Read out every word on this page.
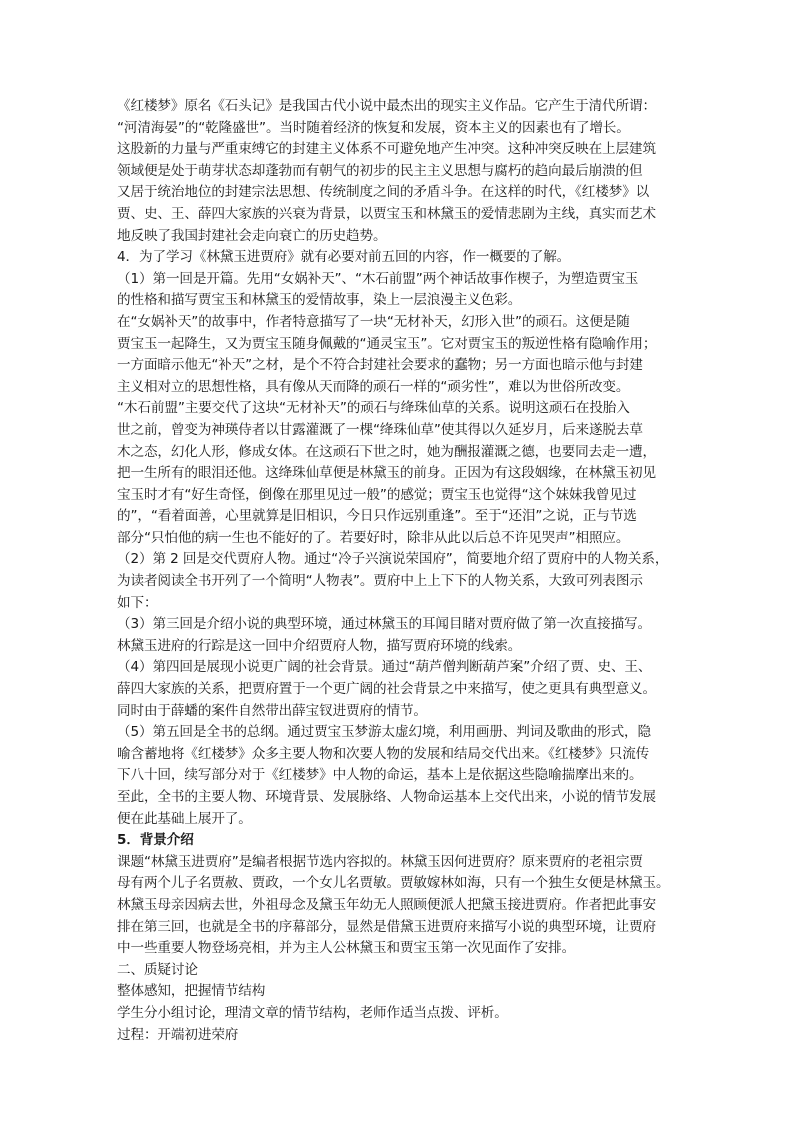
《红楼梦》原名《石头记》是我国古代小说中最杰出的现实主义作品。它产生于清代所谓：
“河清海晏”的“乾隆盛世”。当时随着经济的恢复和发展，资本主义的因素也有了增长。
这股新的力量与严重束缚它的封建主义体系不可避免地产生冲突。这种冲突反映在上层建筑
领域便是处于萌芽状态却蓬勃而有朝气的初步的民主主义思想与腐朽的趋向最后崩溃的但
又居于统治地位的封建宗法思想、传统制度之间的矛盾斗争。在这样的时代，《红楼梦》以
贾、史、王、薛四大家族的兴衰为背景，以贾宝玉和林黛玉的爱情悲剧为主线，真实而艺术
地反映了我国封建社会走向衰亡的历史趋势。
4．为了学习《林黛玉进贾府》就有必要对前五回的内容，作一概要的了解。
（1）第一回是开篇。先用“女娲补天”、“木石前盟”两个神话故事作楔子，为塑造贾宝玉
的性格和描写贾宝玉和林黛玉的爱情故事，染上一层浪漫主义色彩。
在“女娲补天”的故事中，作者特意描写了一块“无材补天，幻形入世”的顽石。这便是随
贾宝玉一起降生，又为贾宝玉随身佩戴的“通灵宝玉”。它对贾宝玉的叛逆性格有隐喻作用；
一方面暗示他无“补天”之材，是个不符合封建社会要求的蠢物；另一方面也暗示他与封建
主义相对立的思想性格，具有像从天而降的顽石一样的“顽劣性”，难以为世俗所改变。
“木石前盟”主要交代了这块“无材补天”的顽石与绛珠仙草的关系。说明这顽石在投胎入
世之前，曾变为神瑛侍者以甘露灌溉了一棵“绛珠仙草”使其得以久延岁月，后来遂脱去草
木之态，幻化人形，修成女体。在这顽石下世之时，她为酬报灌溉之德，也要同去走一遭，
把一生所有的眼泪还他。这绛珠仙草便是林黛玉的前身。正因为有这段姻缘，在林黛玉初见
宝玉时才有“好生奇怪，倒像在那里见过一般”的感觉；贾宝玉也觉得“这个妹妹我曾见过
的”，“看着面善，心里就算是旧相识，今日只作远别重逢”。至于“还泪”之说，正与节选
部分“只怕他的病一生也不能好的了。若要好时，除非从此以后总不许见哭声”相照应。
（2）第 2 回是交代贾府人物。通过“冷子兴演说荣国府”，简要地介绍了贾府中的人物关系，
为读者阅读全书开列了一个简明“人物表”。贾府中上上下下的人物关系，大致可列表图示
如下：
（3）第三回是介绍小说的典型环境，通过林黛玉的耳闻目睹对贾府做了第一次直接描写。
林黛玉进府的行踪是这一回中介绍贾府人物，描写贾府环境的线索。
（4）第四回是展现小说更广阔的社会背景。通过“葫芦僧判断葫芦案”介绍了贾、史、王、
薛四大家族的关系，把贾府置于一个更广阔的社会背景之中来描写，使之更具有典型意义。
同时由于薛蟠的案件自然带出薛宝钗进贾府的情节。
（5）第五回是全书的总纲。通过贾宝玉梦游太虚幻境，利用画册、判词及歌曲的形式，隐
喻含蓄地将《红楼梦》众多主要人物和次要人物的发展和结局交代出来。《红楼梦》只流传
下八十回，续写部分对于《红楼梦》中人物的命运，基本上是依据这些隐喻揣摩出来的。
至此，全书的主要人物、环境背景、发展脉络、人物命运基本上交代出来，小说的情节发展
便在此基础上展开了。
5．背景介绍
课题“林黛玉进贾府”是编者根据节选内容拟的。林黛玉因何进贾府？原来贾府的老祖宗贾
母有两个儿子名贾赦、贾政，一个女儿名贾敏。贾敏嫁林如海，只有一个独生女便是林黛玉。
林黛玉母亲因病去世，外祖母念及黛玉年幼无人照顾便派人把黛玉接进贾府。作者把此事安
排在第三回，也就是全书的序幕部分，显然是借黛玉进贾府来描写小说的典型环境，让贾府
中一些重要人物登场亮相，并为主人公林黛玉和贾宝玉第一次见面作了安排。
二、质疑讨论
整体感知，把握情节结构
学生分小组讨论，理清文章的情节结构，老师作适当点拨、评析。
过程：开端初进荣府
